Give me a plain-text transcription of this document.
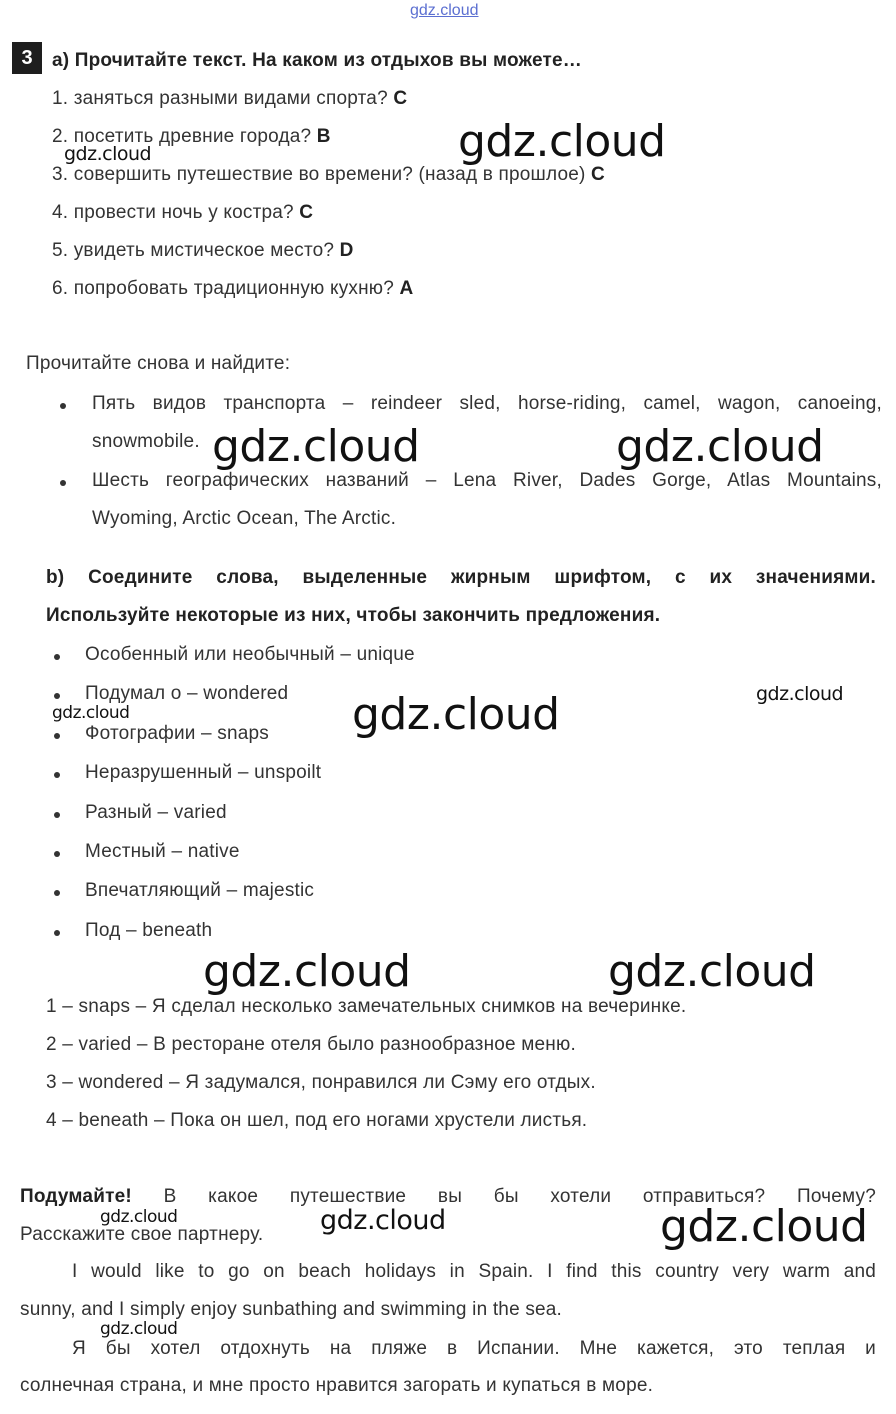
gdz.cloud
3	a) Прочитайте текст. На каком из отдыхов вы можете…
1. заняться разными видами спорта? C
2. посетить древние города? B
3. совершить путешествие во времени? (назад в прошлое) C
4. провести ночь у костра? C
5. увидеть мистическое место? D
6. попробовать традиционную кухню? A
Прочитайте снова и найдите:
Пять видов транспорта – reindeer sled, horse-riding, camel, wagon, canoeing,
snowmobile.
Шесть географических названий – Lena River, Dades Gorge, Atlas Mountains,
Wyoming, Arctic Ocean, The Arctic.
b) Соедините слова, выделенные жирным шрифтом, с их значениями.
Используйте некоторые из них, чтобы закончить предложения.
Особенный или необычный – unique
Подумал о – wondered
Фотографии – snaps
Неразрушенный – unspoilt
Разный – varied
Местный – native
Впечатляющий – majestic
Под – beneath
1 – snaps – Я сделал несколько замечательных снимков на вечеринке.
2 – varied – В ресторане отеля было разнообразное меню.
3 – wondered – Я задумался, понравился ли Сэму его отдых.
4 – beneath – Пока он шел, под его ногами хрустели листья.
Подумайте! В какое путешествие вы бы хотели отправиться? Почему?
Расскажите свое партнеру.
I would like to go on beach holidays in Spain. I find this country very warm and
sunny, and I simply enjoy sunbathing and swimming in the sea.
Я бы хотел отдохнуть на пляже в Испании. Мне кажется, это теплая и
солнечная страна, и мне просто нравится загорать и купаться в море.
gdz.cloud
gdz.cloud
gdz.cloud	gdz.cloud
gdz.cloud	gdz.cloud
gdz.cloud
gdz.cloud	gdz.cloud
gdz.cloud	gdz.cloud	gdz.cloud
gdz.cloud
